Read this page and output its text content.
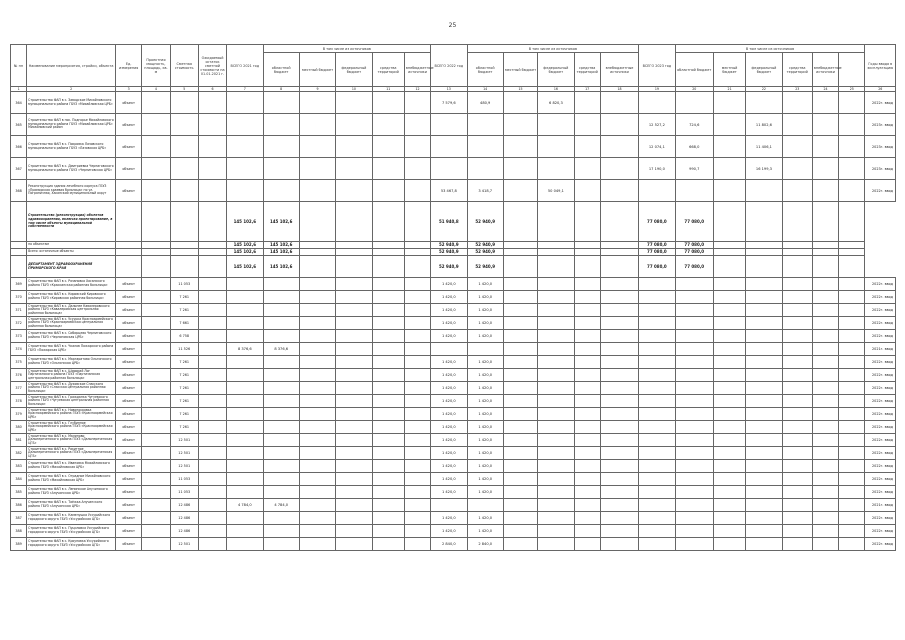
25
№ пп	Наименование мероприятия, стройки, объекта	Ед. измерения	Проектная мощность, площадь, кв. м	Сметная стоимость	Ожидаемый остаток сметной стоимости на 01.01.2021 г.	ВСЕГО 2021 год	В том числе из источников					ВСЕГО 2022 год	В том числе из источников					ВСЕГО 2023 год	В том числе из источников						Годы ввода в эксплуатацию
							областной бюджет	местный бюджет	федеральный бюджет	средства территорий	внебюджетные источники		областной бюджет	местный бюджет	федеральный бюджет	средства территорий	внебюджетные источники		областной бюджет	местный бюджет	федеральный бюджет	средства территорий	внебюджетные источники		
1	2	3	4	5	6	7	8	9	10	11	12	13	14	15	16	17	18	19	20	21	22	23	24	25	26
364	Строительство ФАП в с. Заводское Михайловского муниципального района ГБУЗ «Михайловская ЦРБ»	объект										7 579,6	480,9		6 820,3										2022г. ввод
365	Строительство ФАП в пос. Подгорье Михайловского муниципального района ГБУЗ «Михайловская ЦРБ» Михайловский район	объект																12 527,2	724,6		11 802,6				2023г. ввод
366	Строительство ФАП в с. Покровка Лазовского муниципального района ГБУЗ «Лазовская ЦРБ»	объект																12 074,1	668,0		11 406,1				2023г. ввод
367	Строительство ФАП в с. Дмитриевка Черниговского муниципального района ГБУЗ «Черниговская ЦРБ»	объект																17 190,0	990,7		16 199,3				2023г. ввод
368	Реконструкция здания лечебного корпуса ГБУЗ «Приморская краевая больница» по ул. Пограничная, Хасанский муниципальный округ	объект										53 467,8	3 418,7		50 049,1										2022г. ввод
	Строительство (реконструкция) объектов здравоохранения, включая проектирование, в том числе объекты муниципальной собственности					145 102,6	145 102,6					51 940,8	52 940,9					77 080,0	77 080,0						
	по объектам					145 102,6	145 102,6					52 940,9	52 940,9					77 080,0	77 080,0						
	Всего: остаточные объекты					145 102,6	145 102,6					52 940,9	52 940,9					77 080,0	77 080,0						
	ДЕПАРТАМЕНТ ЗДРАВООХРАНЕНИЯ ПРИМОРСКОГО КРАЯ					145 102,6	145 102,6					52 940,9	52 940,9					77 080,0	77 080,0						
369	Строительство ФАП в с. Рязановка Хасанского района ГБУЗ «Краскинская районная больница»	объект		11 053								1 420,0	1 420,0												2022г. ввод
370	Строительство ФАП в с. Кировский Кировского района ГБУЗ «Кировская районная больница»	объект		7 261								1 420,0	1 420,0												2022г. ввод
371	Строительство ФАП в с. Дальнее Кавалеровского района ГБУЗ «Кавалеровская центральная районная больница»	объект		7 261								1 420,0	1 420,0												2022г. ввод
372	Строительство ФАП в с. Уссурка Красноармейского района ГБУЗ «Красноармейская центральная районная больница»	объект		7 661								1 420,0	1 420,0												2022г. ввод
373	Строительство ФАП в с. Сибирцево Черниговского района ГБУЗ «Черниговская ЦРБ»	объект		6 758								1 420,0	1 420,0												2022г. ввод
374	Строительство ФАП в с. Чкалов Пожарского района ГБУЗ «Пожарская ЦРБ»	объект		11 526		8 376,6	8 376,6																		2021г. ввод
375	Строительство ФАП в с. Маргаритово Ольгинского района ГБУЗ «Ольгинская ЦРБ»	объект		7 261								1 420,0	1 420,0												2022г. ввод
376	Строительство ФАП в с. Широкий Лог Партизанского района ГБУЗ «Партизанская центральная районная больница»	объект		7 261								1 420,0	1 420,0												2022г. ввод
377	Строительство ФАП в с. Духовское Спасского района ГБУЗ «Спасская центральная районная больница»	объект		7 261								1 420,0	1 420,0												2022г. ввод
378	Строительство ФАП в с. Гражданка Чугуевского района ГБУЗ «Чугуевская центральная районная больница»	объект		7 261								1 420,0	1 420,0												2022г. ввод
379	Строительство ФАП в с. Новопокровка Красноармейского района ГБУЗ «Красноармейская ЦРБ»	объект		7 261								1 420,0	1 420,0												2022г. ввод
380	Строительство ФАП в с. Глубинное Красноармейского района ГБУЗ «Красноармейская ЦРБ»	объект		7 261								1 420,0	1 420,0												2022г. ввод
381	Строительство ФАП в с. Малиново Дальнереченского района ГБУЗ «Дальнереченская ЦГБ»	объект		12 501								1 420,0	1 420,0												2022г. ввод
382	Строительство ФАП в с. Ракитное Дальнереченского района ГБУЗ «Дальнереченская ЦГБ»	объект		12 501								1 420,0	1 420,0												2022г. ввод
383	Строительство ФАП в с. Ивановка Михайловского района ГБУЗ «Михайловская ЦРБ»	объект		12 501								1 420,0	1 420,0												2022г. ввод
384	Строительство ФАП в с. Отрадное Михайловского района ГБУЗ «Михайловская ЦРБ»	объект		11 053								1 420,0	1 420,0												2022г. ввод
385	Строительство ФАП в с. Ленинское Анучинского района ГБУЗ «Анучинская ЦРБ»	объект		11 053								1 420,0	1 420,0												2022г. ввод
386	Строительство ФАП в с. Таёжка Анучинского района ГБУЗ «Анучинская ЦРБ»	объект		12 486		4 784,0	4 784,0																		2021г. ввод
387	Строительство ФАП в с. Каменушка Уссурийского городского округа ГБУЗ «Уссурийская ЦГБ»	объект		12 486								1 420,0	1 420,0												2022г. ввод
388	Строительство ФАП в с. Пуциловка Уссурийского городского округа ГБУЗ «Уссурийская ЦГБ»	объект		12 486								1 420,0	1 420,0												2022г. ввод
389	Строительство ФАП в с. Кроуновка Уссурийского городского округа ГБУЗ «Уссурийская ЦГБ»	объект		12 501								2 840,0	2 840,0												2022г. ввод
